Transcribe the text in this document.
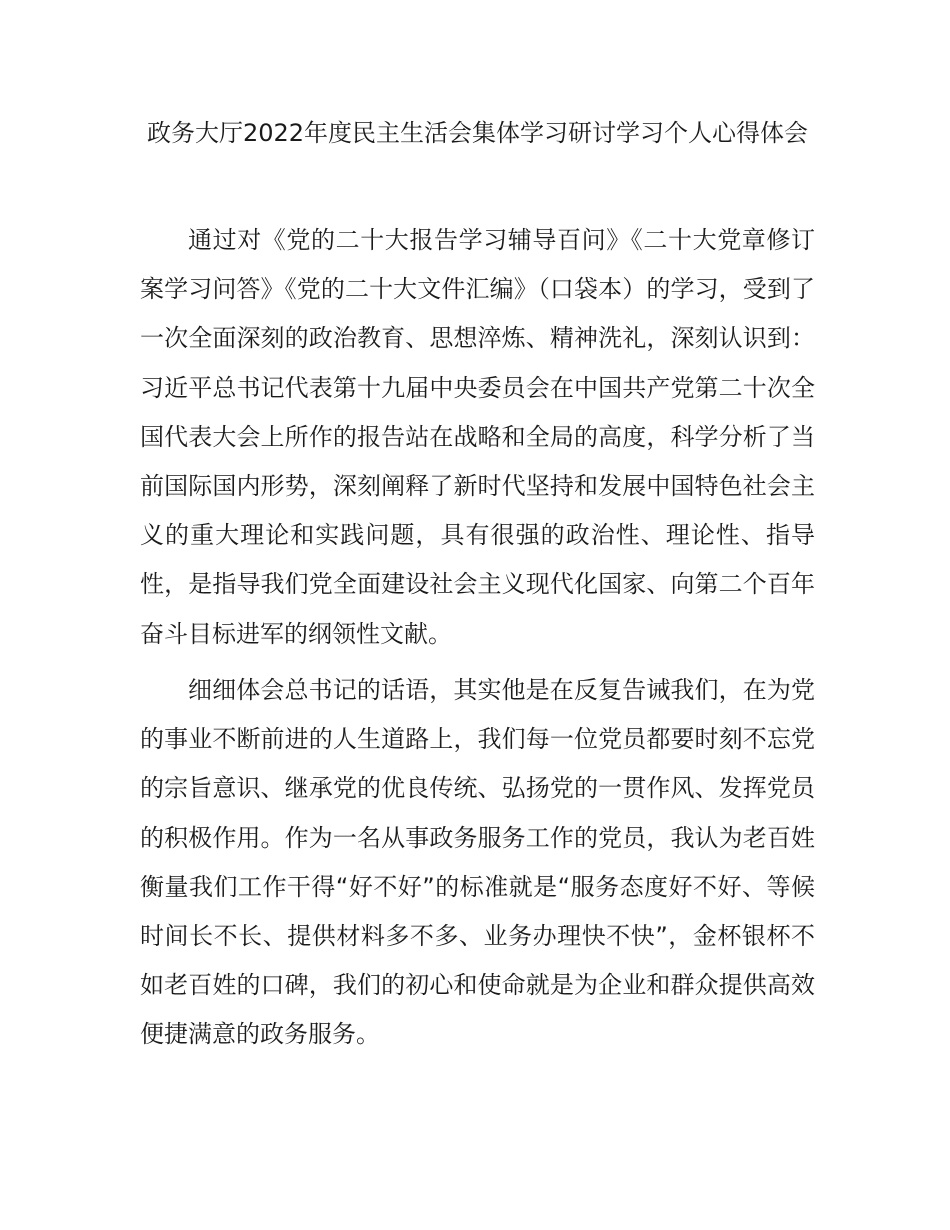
政务大厅2022年度民主生活会集体学习研讨学习个人心得体会

通过对《党的二十大报告学习辅导百问》《二十大党章修订案学习问答》《党的二十大文件汇编》（口袋本）的学习，受到了一次全面深刻的政治教育、思想淬炼、精神洗礼，深刻认识到：习近平总书记代表第十九届中央委员会在中国共产党第二十次全国代表大会上所作的报告站在战略和全局的高度，科学分析了当前国际国内形势，深刻阐释了新时代坚持和发展中国特色社会主义的重大理论和实践问题，具有很强的政治性、理论性、指导性，是指导我们党全面建设社会主义现代化国家、向第二个百年奋斗目标进军的纲领性文献。

细细体会总书记的话语，其实他是在反复告诫我们，在为党的事业不断前进的人生道路上，我们每一位党员都要时刻不忘党的宗旨意识、继承党的优良传统、弘扬党的一贯作风、发挥党员的积极作用。作为一名从事政务服务工作的党员，我认为老百姓衡量我们工作干得“好不好”的标准就是“服务态度好不好、等候时间长不长、提供材料多不多、业务办理快不快”，金杯银杯不如老百姓的口碑，我们的初心和使命就是为企业和群众提供高效便捷满意的政务服务。
